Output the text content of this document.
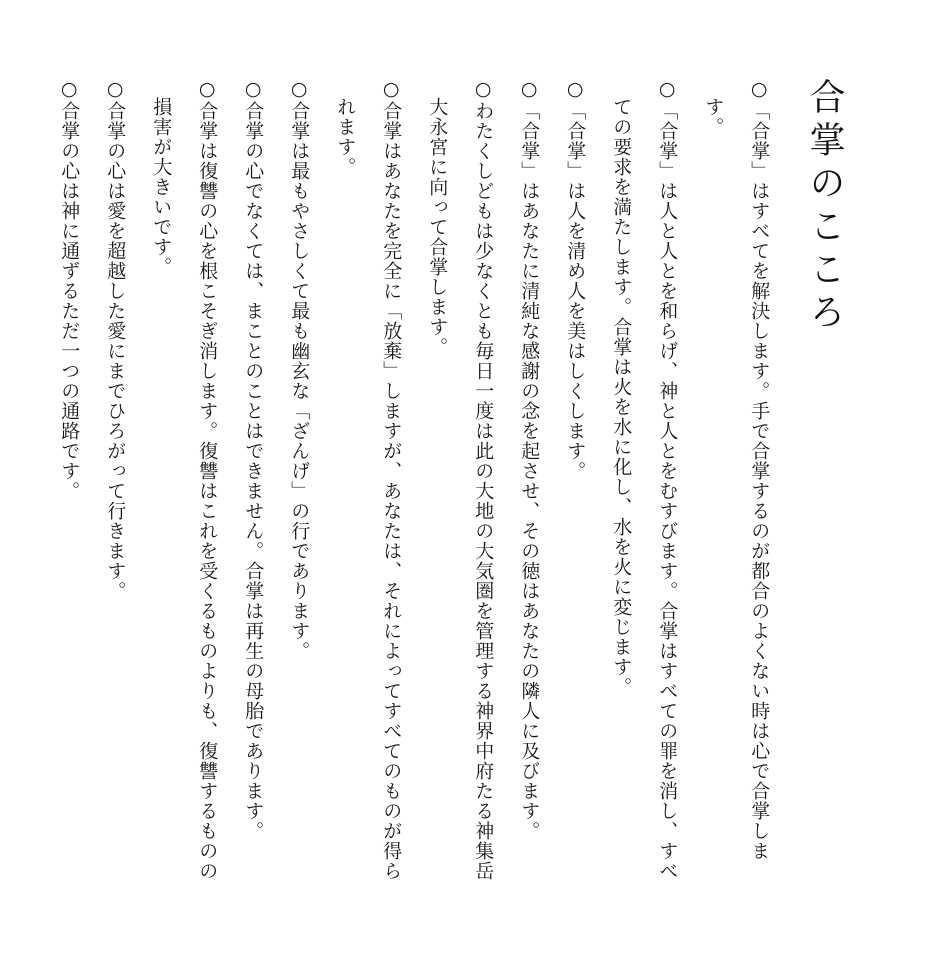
合掌のこころ

○「合掌」はすべてを解決します。手で合掌するのが都合のよくない時は心で合掌します。

○「合掌」は人と人とを和らげ、神と人とをむすびます。合掌はすべての罪を消し、すべての要求を満たします。合掌は火を水に化し、水を火に変じます。

○「合掌」は人を清め人を美はしくします。

○「合掌」はあなたに清純な感謝の念を起させ、その徳はあなたの隣人に及びます。

○わたくしどもは少なくとも毎日一度は此の大地の大気圏を管理する神界中府たる神集岳大永宮に向って合掌します。

○合掌はあなたを完全に「放棄」しますが、あなたは、それによってすべてのものが得られます。

○合掌は最もやさしくて最も幽玄な「ざんげ」の行であります。

○合掌の心でなくては、まことのことはできません。合掌は再生の母胎であります。

○合掌は復讐の心を根こそぎ消します。復讐はこれを受くるものよりも、復讐するものの損害が大きいです。

○合掌の心は愛を超越した愛にまでひろがって行きます。

○合掌の心は神に通ずるただ一つの通路です。
